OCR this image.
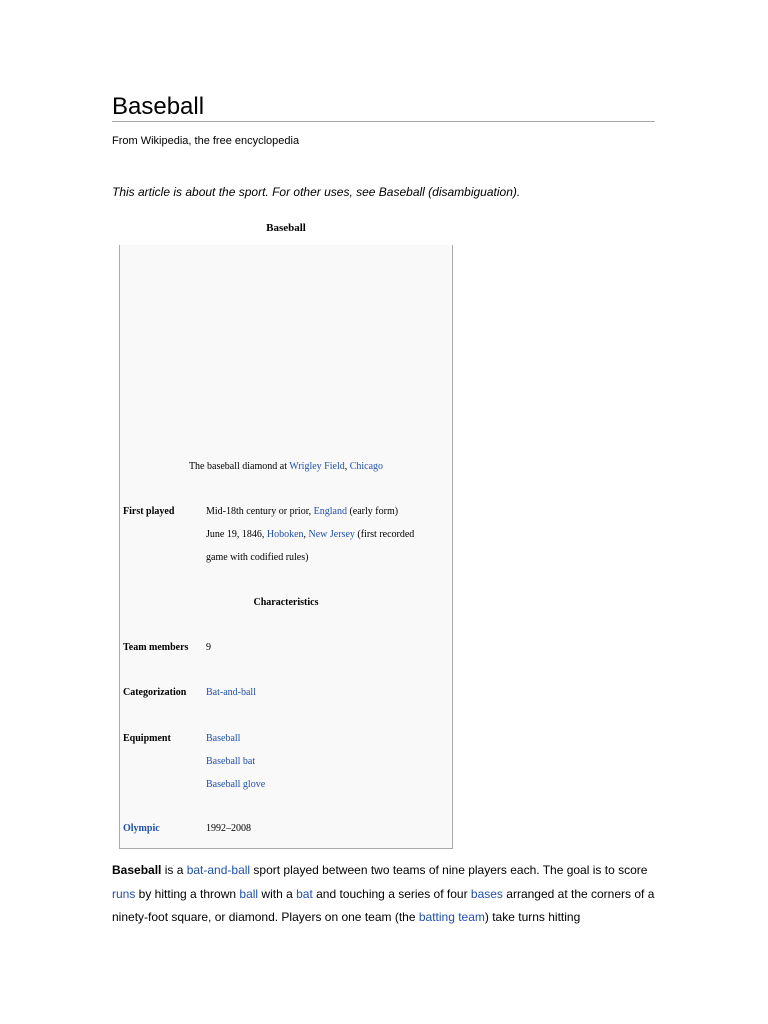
Baseball
From Wikipedia, the free encyclopedia
This article is about the sport. For other uses, see Baseball (disambiguation).
Baseball
The baseball diamond at Wrigley Field, Chicago
First played	Mid-18th century or prior, England (early form)
June 19, 1846, Hoboken, New Jersey (first recorded
game with codified rules)
Characteristics
Team members 9
Categorization Bat-and-ball
Equipment	Baseball
Baseball bat
Baseball glove
Olympic	1992–2008

Baseball is a bat-and-ball sport played between two teams of nine players each. The goal is to score runs by hitting a thrown ball with a bat and touching a series of four bases arranged at the corners of a ninety-foot square, or diamond. Players on one team (the batting team) take turns hitting
